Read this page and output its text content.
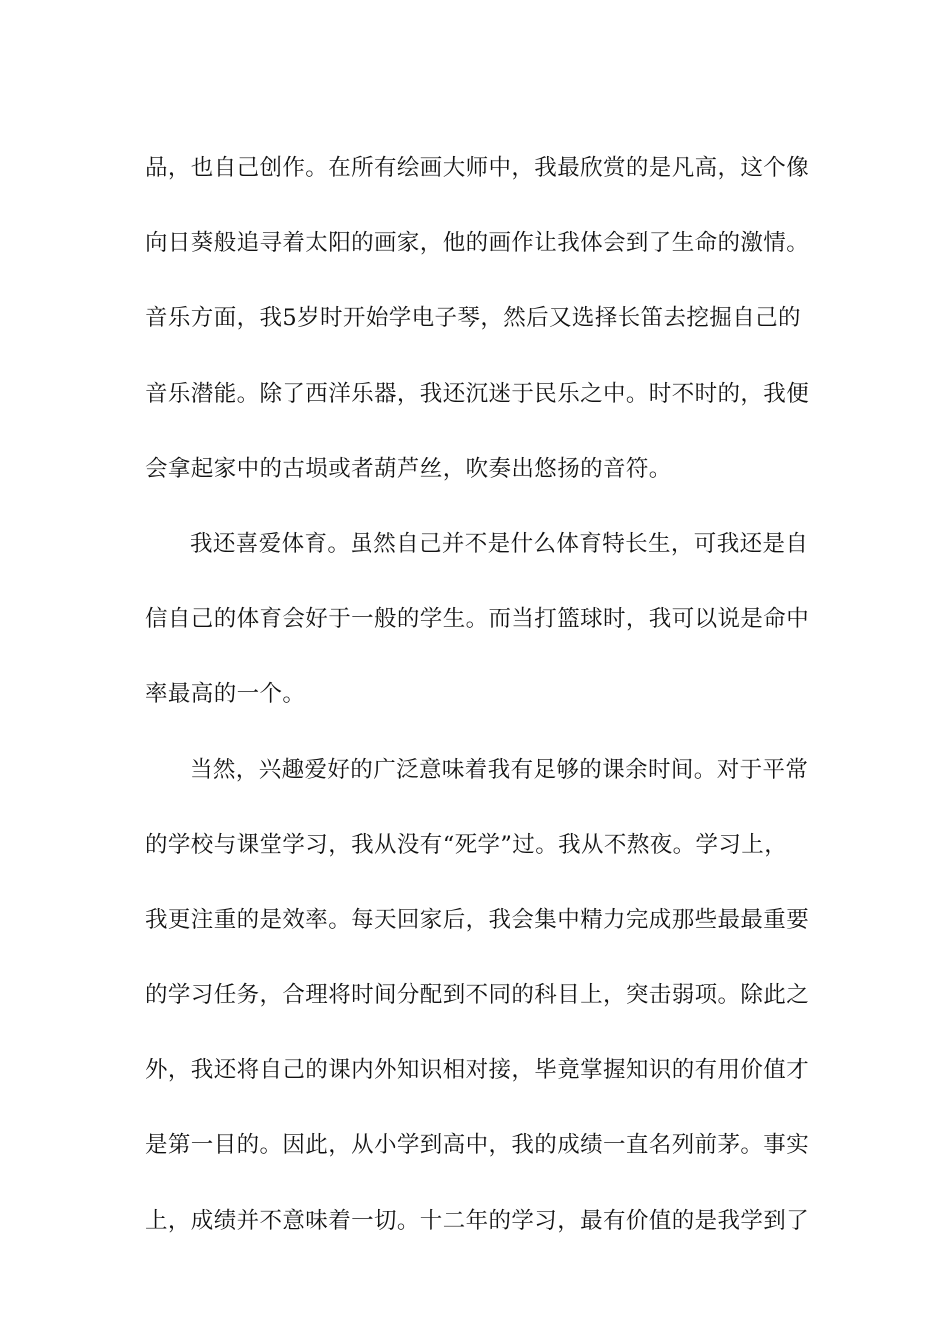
品，也自己创作。在所有绘画大师中，我最欣赏的是凡高，这个像
向日葵般追寻着太阳的画家，他的画作让我体会到了生命的激情。
音乐方面，我5岁时开始学电子琴，然后又选择长笛去挖掘自己的
音乐潜能。除了西洋乐器，我还沉迷于民乐之中。时不时的，我便
会拿起家中的古埙或者葫芦丝，吹奏出悠扬的音符。
我还喜爱体育。虽然自己并不是什么体育特长生，可我还是自
信自己的体育会好于一般的学生。而当打篮球时，我可以说是命中
率最高的一个。
当然，兴趣爱好的广泛意味着我有足够的课余时间。对于平常
的学校与课堂学习，我从没有“死学”过。我从不熬夜。学习上，
我更注重的是效率。每天回家后，我会集中精力完成那些最最重要
的学习任务，合理将时间分配到不同的科目上，突击弱项。除此之
外，我还将自己的课内外知识相对接，毕竟掌握知识的有用价值才
是第一目的。因此，从小学到高中，我的成绩一直名列前茅。事实
上，成绩并不意味着一切。十二年的学习，最有价值的是我学到了
